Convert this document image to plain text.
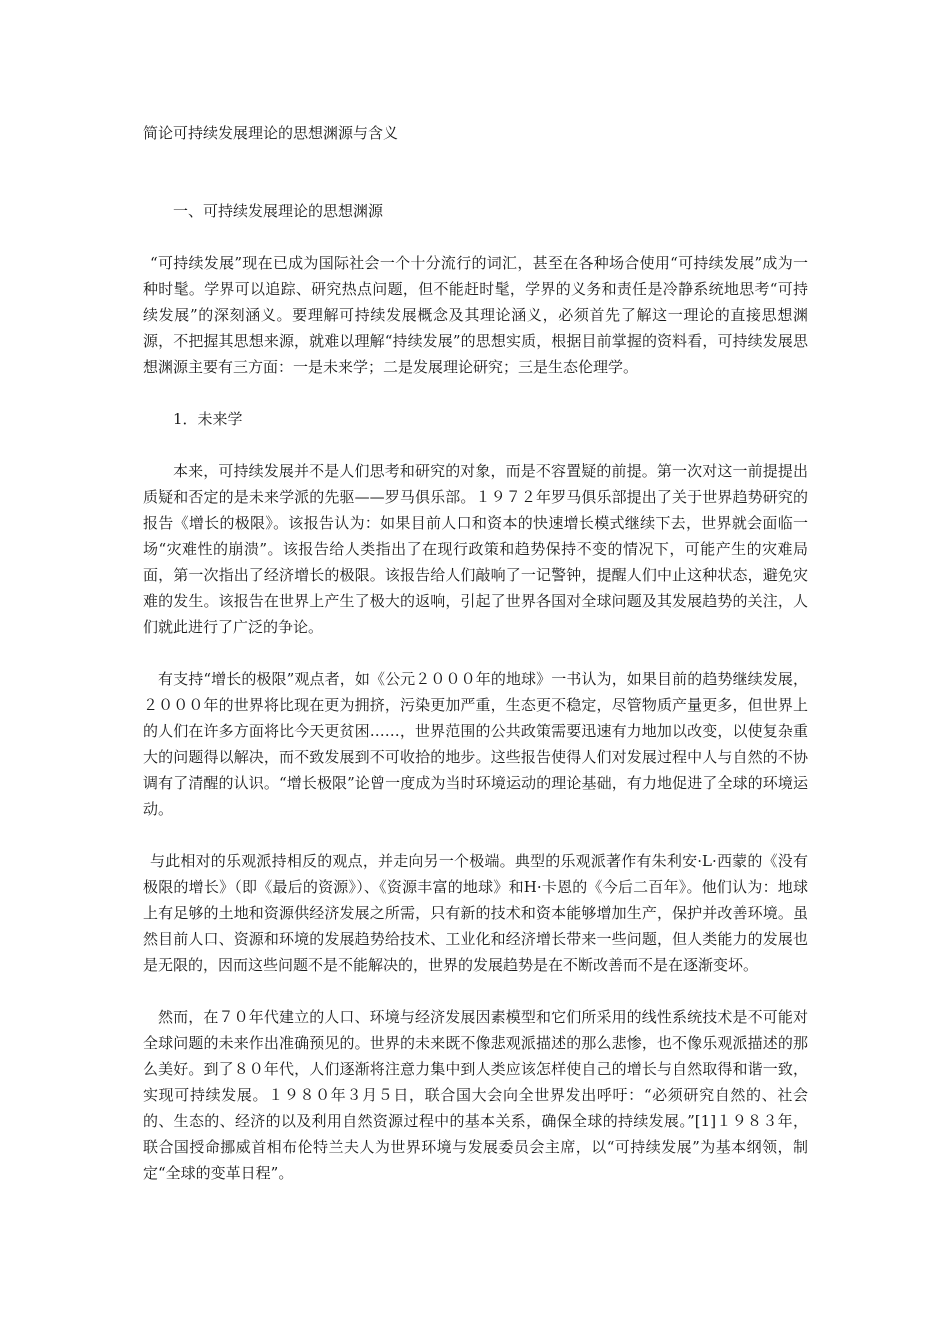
简论可持续发展理论的思想渊源与含义
一、可持续发展理论的思想渊源

“可持续发展”现在已成为国际社会一个十分流行的词汇，甚至在各种场合使用“可持续发展”成为一种时髦。学界可以追踪、研究热点问题，但不能赶时髦，学界的义务和责任是冷静系统地思考“可持续发展”的深刻涵义。要理解可持续发展概念及其理论涵义，必须首先了解这一理论的直接思想渊源，不把握其思想来源，就难以理解“持续发展”的思想实质，根据目前掌握的资料看，可持续发展思想渊源主要有三方面：一是未来学；二是发展理论研究；三是生态伦理学。

1．未来学

本来，可持续发展并不是人们思考和研究的对象，而是不容置疑的前提。第一次对这一前提提出质疑和否定的是未来学派的先驱——罗马俱乐部。１９７２年罗马俱乐部提出了关于世界趋势研究的报告《增长的极限》。该报告认为：如果目前人口和资本的快速增长模式继续下去，世界就会面临一场“灾难性的崩溃”。该报告给人类指出了在现行政策和趋势保持不变的情况下，可能产生的灾难局面，第一次指出了经济增长的极限。该报告给人们敲响了一记警钟，提醒人们中止这种状态，避免灾难的发生。该报告在世界上产生了极大的返响，引起了世界各国对全球问题及其发展趋势的关注，人们就此进行了广泛的争论。

有支持“增长的极限”观点者，如《公元２０００年的地球》一书认为，如果目前的趋势继续发展，２０００年的世界将比现在更为拥挤，污染更加严重，生态更不稳定，尽管物质产量更多，但世界上的人们在许多方面将比今天更贫困……，世界范围的公共政策需要迅速有力地加以改变，以使复杂重大的问题得以解决，而不致发展到不可收拾的地步。这些报告使得人们对发展过程中人与自然的不协调有了清醒的认识。“增长极限”论曾一度成为当时环境运动的理论基础，有力地促进了全球的环境运动。

与此相对的乐观派持相反的观点，并走向另一个极端。典型的乐观派著作有朱利安·L·西蒙的《没有极限的增长》（即《最后的资源》）、《资源丰富的地球》和H·卡恩的《今后二百年》。他们认为：地球上有足够的土地和资源供经济发展之所需，只有新的技术和资本能够增加生产，保护并改善环境。虽然目前人口、资源和环境的发展趋势给技术、工业化和经济增长带来一些问题，但人类能力的发展也是无限的，因而这些问题不是不能解决的，世界的发展趋势是在不断改善而不是在逐渐变坏。

然而，在７０年代建立的人口、环境与经济发展因素模型和它们所采用的线性系统技术是不可能对全球问题的未来作出准确预见的。世界的未来既不像悲观派描述的那么悲惨，也不像乐观派描述的那么美好。到了８０年代，人们逐渐将注意力集中到人类应该怎样使自己的增长与自然取得和谐一致，实现可持续发展。１９８０年３月５日，联合国大会向全世界发出呼吁：“必须研究自然的、社会的、生态的、经济的以及利用自然资源过程中的基本关系，确保全球的持续发展。”[1]１９８３年，联合国授命挪威首相布伦特兰夫人为世界环境与发展委员会主席，以“可持续发展”为基本纲领，制定“全球的变革日程”。
